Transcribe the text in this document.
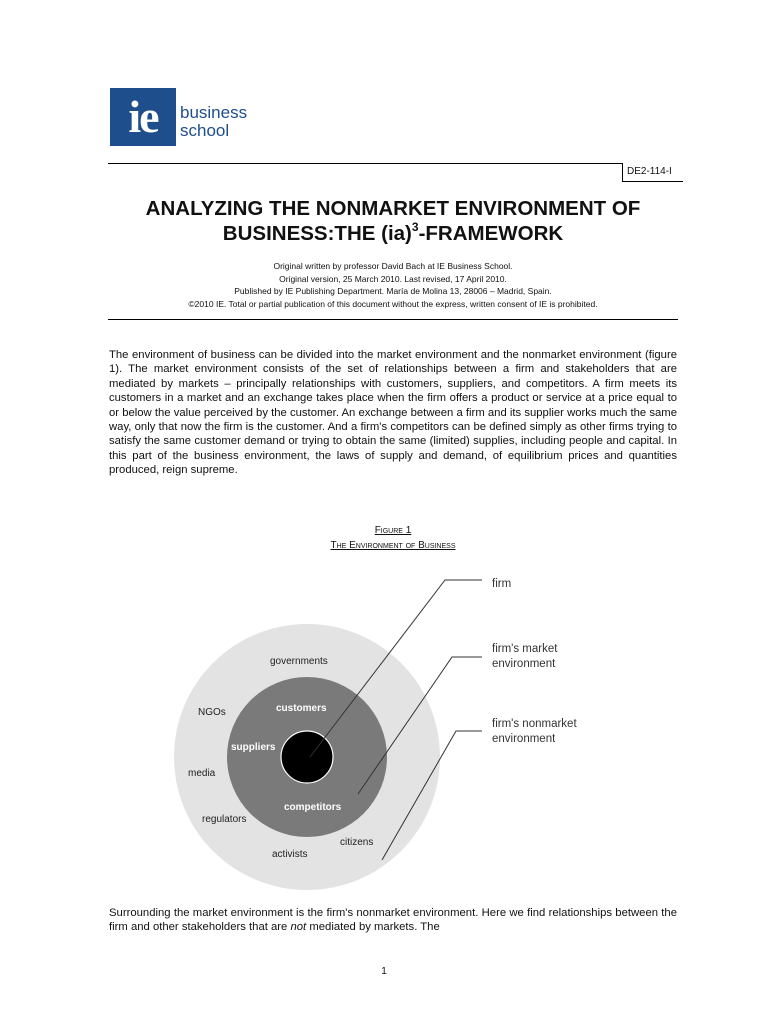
ie	business
school
DE2-114-I
ANALYZING THE NONMARKET ENVIRONMENT OF
BUSINESS:THE (ia)$^3$-FRAMEWORK
Original written by professor David Bach at IE Business School.
Original version, 25 March 2010. Last revised, 17 April 2010.
Published by IE Publishing Department. María de Molina 13, 28006 – Madrid, Spain.
©2010 IE. Total or partial publication of this document without the express, written consent of IE is prohibited.

The environment of business can be divided into the market environment and the nonmarket environment (figure 1). The market environment consists of the set of relationships between a firm and stakeholders that are mediated by markets – principally relationships with customers, suppliers, and competitors. A firm meets its customers in a market and an exchange takes place when the firm offers a product or service at a price equal to or below the value perceived by the customer. An exchange between a firm and its supplier works much the same way, only that now the firm is the customer. And a firm's competitors can be defined simply as other firms trying to satisfy the same customer demand or trying to obtain the same (limited) supplies, including people and capital. In this part of the business environment, the laws of supply and demand, of equilibrium prices and quantities produced, reign supreme.

Figure 1
The Environment of Business
governments
NGOs
media
regulators
activists
citizens
customers
suppliers
competitors
firm
firm's market
environment
firm's nonmarket
environment

Surrounding the market environment is the firm's nonmarket environment. Here we find relationships between the firm and other stakeholders that are not mediated by markets. The

1
